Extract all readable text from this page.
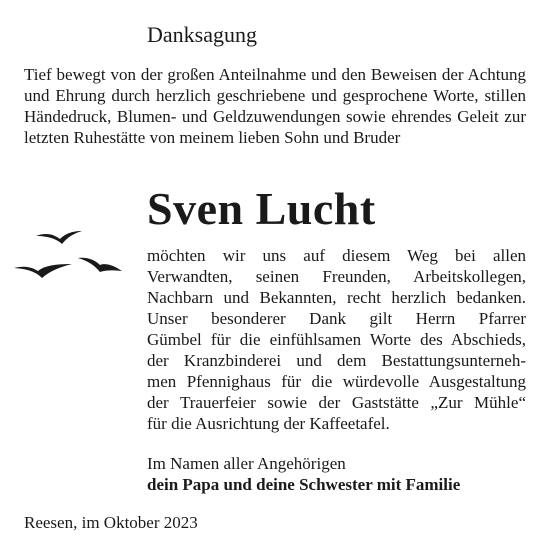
Danksagung
Tief bewegt von der großen Anteilnahme und den Beweisen der Achtung und Ehrung durch herzlich geschriebene und gesprochene Worte, stillen Händedruck, Blumen- und Geldzuwendungen sowie ehrendes Geleit zur letzten Ruhestätte von meinem lieben Sohn und Bruder
Sven Lucht
möchten wir uns auf diesem Weg bei allen
Verwandten, seinen Freunden, Arbeitskollegen,
Nachbarn und Bekannten, recht herzlich bedanken.
Unser besonderer Dank gilt Herrn Pfarrer
Gümbel für die einfühlsamen Worte des Abschieds,
der Kranzbinderei und dem Bestattungsunterneh-
men Pfennighaus für die würdevolle Ausgestaltung
der Trauerfeier sowie der Gaststätte „Zur Mühle“
für die Ausrichtung der Kaffeetafel.
Im Namen aller Angehörigen
dein Papa und deine Schwester mit Familie
Reesen, im Oktober 2023
